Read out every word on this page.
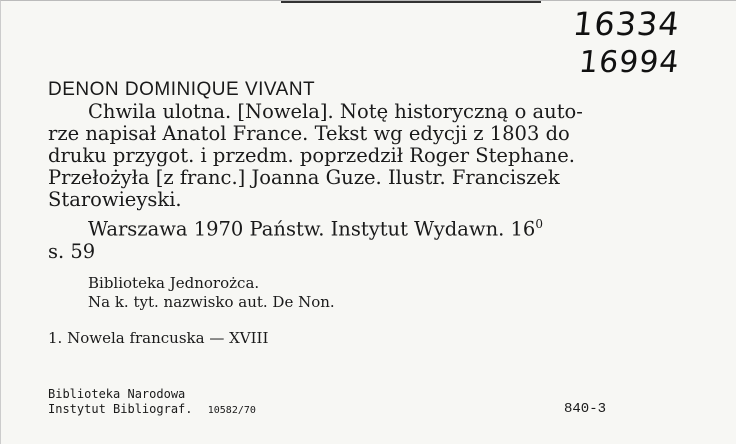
16334
16994
DENON DOMINIQUE VIVANT
Chwila ulotna. [Nowela]. Notę historyczną o auto-
rze napisał Anatol France. Tekst wg edycji z 1803 do
druku przygot. i przedm. poprzedził Roger Stephane.
Przełożyła [z franc.] Joanna Guze. Ilustr. Franciszek
Starowieyski.
Warszawa 1970 Państw. Instytut Wydawn. $16^0$
s. 59
Biblioteka Jednorożca.
Na k. tyt. nazwisko aut. De Non.
1. Nowela francuska — XVIII
Biblioteka Narodowa
Instytut Bibliograf. 10582/70	840-3
